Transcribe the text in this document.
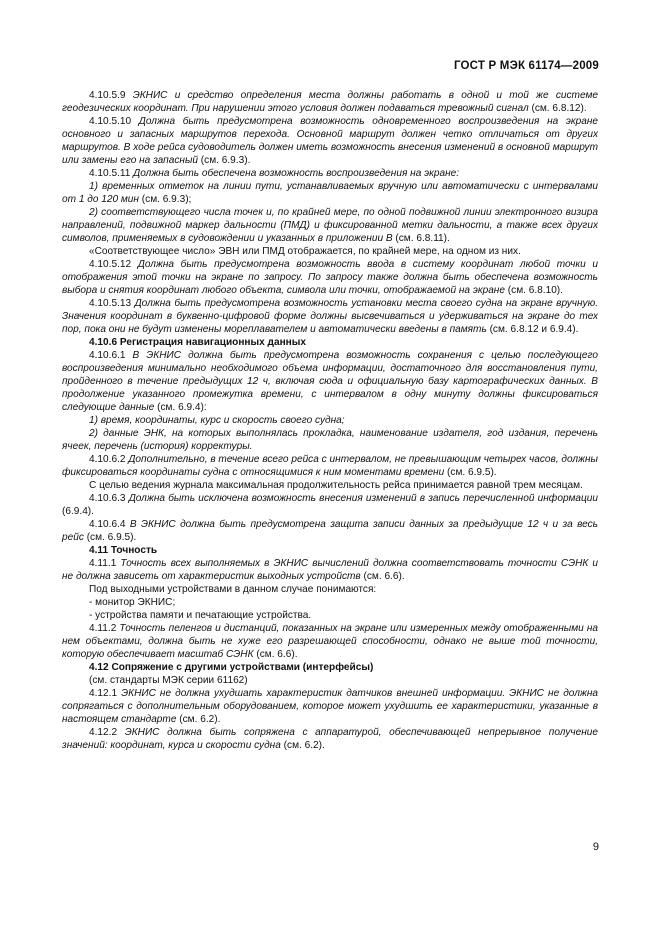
ГОСТ Р МЭК 61174—2009

4.10.5.9 ЭКНИС и средство определения места должны работать в одной и той же системе геодезических координат. При нарушении этого условия должен подаваться тревожный сигнал (см. 6.8.12).

4.10.5.10 Должна быть предусмотрена возможность одновременного воспроизведения на экране основного и запасных маршрутов перехода. Основной маршрут должен четко отличаться от других маршрутов. В ходе рейса судоводитель должен иметь возможность внесения изменений в основной маршрут или замены его на запасный (см. 6.9.3).

4.10.5.11 Должна быть обеспечена возможность воспроизведения на экране:

1) временных отметок на линии пути, устанавливаемых вручную или автоматически с интервалами от 1 до 120 мин (см. 6.9.3);

2) соответствующего числа точек и, по крайней мере, по одной подвижной линии электронного визира направлений, подвижной маркер дальности (ПМД) и фиксированной метки дальности, а также всех других символов, применяемых в судовождении и указанных в приложении В (см. 6.8.11).

«Соответствующее число» ЭВН или ПМД отображается, по крайней мере, на одном из них.

4.10.5.12 Должна быть предусмотрена возможность ввода в систему координат любой точки и отображения этой точки на экране по запросу. По запросу также должна быть обеспечена возможность выбора и снятия координат любого объекта, символа или точки, отображаемой на экране (см. 6.8.10).

4.10.5.13 Должна быть предусмотрена возможность установки места своего судна на экране вручную. Значения координат в буквенно-цифровой форме должны высвечиваться и удерживаться на экране до тех пор, пока они не будут изменены мореплавателем и автоматически введены в память (см. 6.8.12 и 6.9.4).

4.10.6 Регистрация навигационных данных

4.10.6.1 В ЭКНИС должна быть предусмотрена возможность сохранения с целью последующего воспроизведения минимально необходимого объема информации, достаточного для восстановления пути, пройденного в течение предыдущих 12 ч, включая сюда и официальную базу картографических данных. В продолжение указанного промежутка времени, с интервалом в одну минуту должны фиксироваться следующие данные (см. 6.9.4):

1) время, координаты, курс и скорость своего судна;

2) данные ЭНК, на которых выполнялась прокладка, наименование издателя, год издания, перечень ячеек, перечень (история) корректуры.

4.10.6.2 Дополнительно, в течение всего рейса с интервалом, не превышающим четырех часов, должны фиксироваться координаты судна с относящимися к ним моментами времени (см. 6.9.5).

С целью ведения журнала максимальная продолжительность рейса принимается равной трем месяцам.

4.10.6.3 Должна быть исключена возможность внесения изменений в запись перечисленной информации (6.9.4).

4.10.6.4 В ЭКНИС должна быть предусмотрена защита записи данных за предыдущие 12 ч и за весь рейс (см. 6.9.5).

4.11 Точность

4.11.1 Точность всех выполняемых в ЭКНИС вычислений должна соответствовать точности СЭНК и не должна зависеть от характеристик выходных устройств (см. 6.6).

Под выходными устройствами в данном случае понимаются:

- монитор ЭКНИС;

- устройства памяти и печатающие устройства.

4.11.2 Точность пеленгов и дистанций, показанных на экране или измеренных между отображенными на нем объектами, должна быть не хуже его разрешающей способности, однако не выше той точности, которую обеспечивает масштаб СЭНК (см. 6.6).

4.12 Сопряжение с другими устройствами (интерфейсы)

(см. стандарты МЭК серии 61162)

4.12.1 ЭКНИС не должна ухудшать характеристик датчиков внешней информации. ЭКНИС не должна сопрягаться с дополнительным оборудованием, которое может ухудшить ее характеристики, указанные в настоящем стандарте (см. 6.2).

4.12.2 ЭКНИС должна быть сопряжена с аппаратурой, обеспечивающей непрерывное получение значений: координат, курса и скорости судна (см. 6.2).

9
